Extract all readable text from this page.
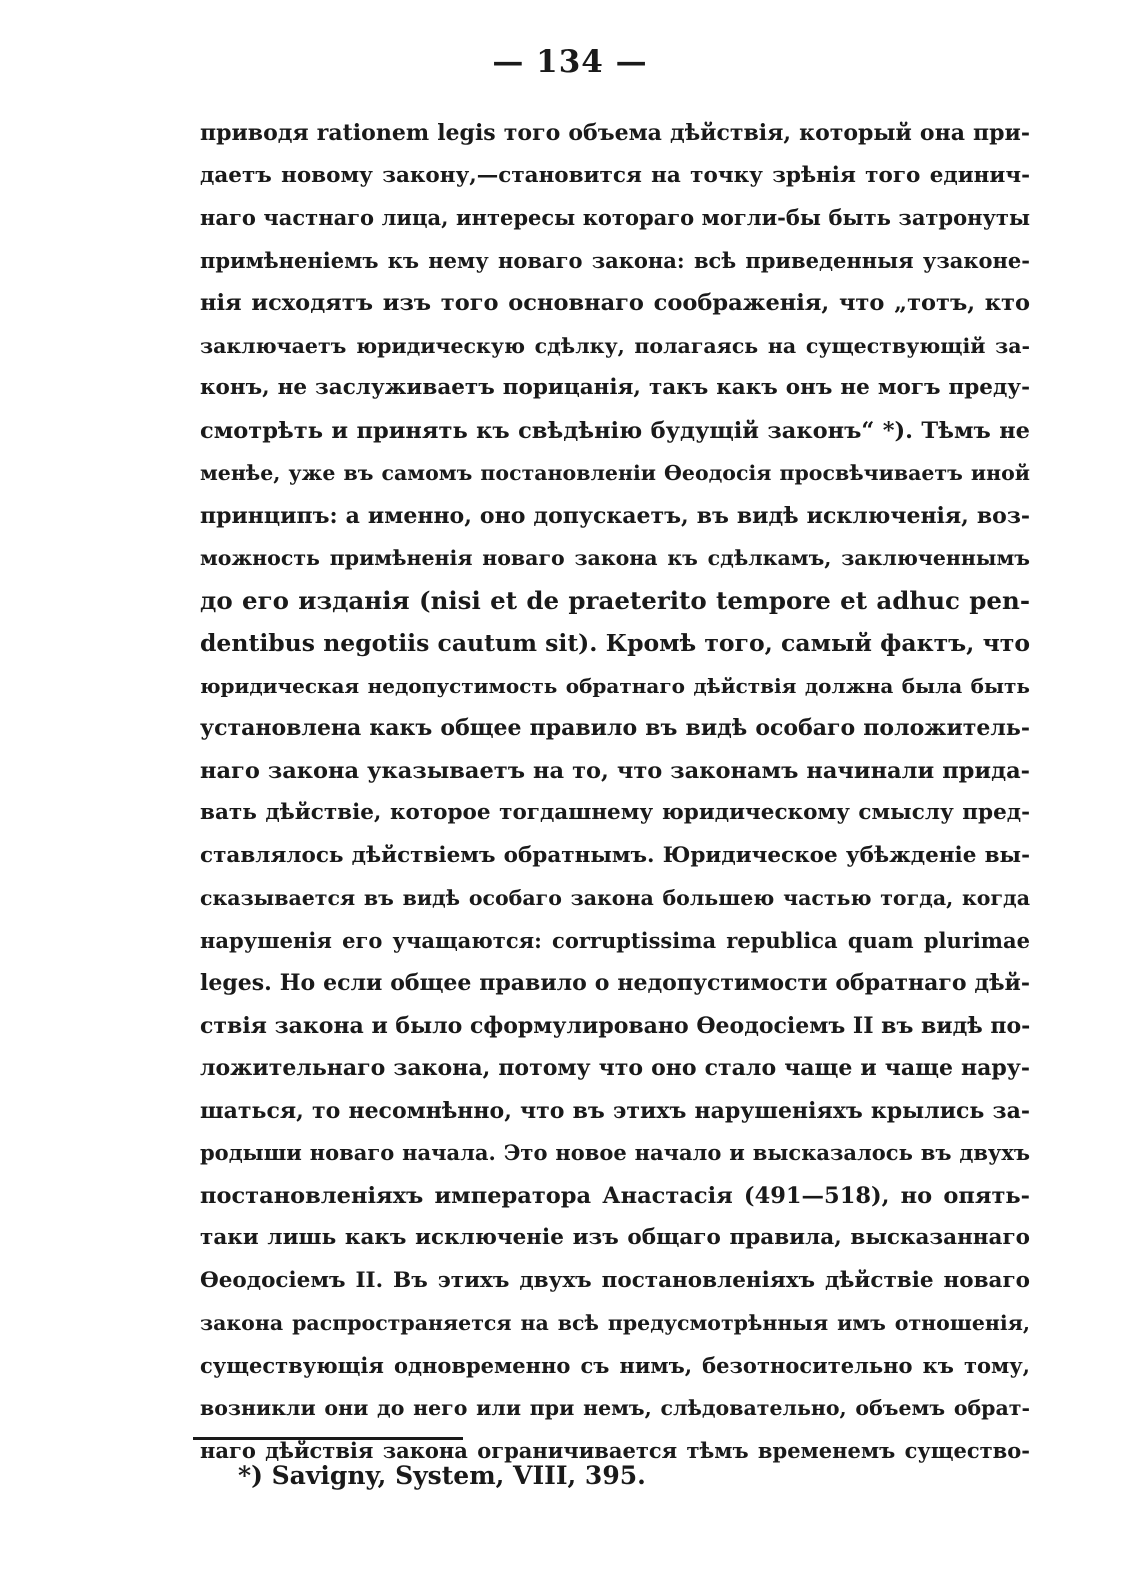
— 134 —
приводя rationem legis того объема дѣйствія, который она при-
даетъ новому закону,—становится на точку зрѣнія того единич-
наго частнаго лица, интересы котораго могли-бы быть затронуты
примѣненіемъ къ нему новаго закона: всѣ приведенныя узаконе-
нія исходятъ изъ того основнаго соображенія, что „тотъ, кто
заключаетъ юридическую сдѣлку, полагаясь на существующій за-
конъ, не заслуживаетъ порицанія, такъ какъ онъ не могъ преду-
смотрѣть и принять къ свѣдѣнію будущій законъ“ *). Тѣмъ не
менѣе, уже въ самомъ постановленіи Ѳеодосія просвѣчиваетъ иной
принципъ: а именно, оно допускаетъ, въ видѣ исключенія, воз-
можность примѣненія новаго закона къ сдѣлкамъ, заключеннымъ
до его изданія (nisi et de praeterito tempore et adhuc pen-
dentibus negotiis cautum sit). Кромѣ того, самый фактъ, что
юридическая недопустимость обратнаго дѣйствія должна была быть
установлена какъ общее правило въ видѣ особаго положитель-
наго закона указываетъ на то, что законамъ начинали прида-
вать дѣйствіе, которое тогдашнему юридическому смыслу пред-
ставлялось дѣйствіемъ обратнымъ. Юридическое убѣжденіе вы-
сказывается въ видѣ особаго закона большею частью тогда, когда
нарушенія его учащаются: corruptissima republica quam plurimae
leges. Но если общее правило о недопустимости обратнаго дѣй-
ствія закона и было сформулировано Ѳеодосіемъ II въ видѣ по-
ложительнаго закона, потому что оно стало чаще и чаще нару-
шаться, то несомнѣнно, что въ этихъ нарушеніяхъ крылись за-
родыши новаго начала. Это новое начало и высказалось въ двухъ
постановленіяхъ императора Анастасія (491—518), но опять-
таки лишь какъ исключеніе изъ общаго правила, высказаннаго
Ѳеодосіемъ II. Въ этихъ двухъ постановленіяхъ дѣйствіе новаго
закона распространяется на всѣ предусмотрѣнныя имъ отношенія,
существующія одновременно съ нимъ, безотносительно къ тому,
возникли они до него или при немъ, слѣдовательно, объемъ обрат-
наго дѣйствія закона ограничивается тѣмъ временемъ существо-
*) Savigny, System, VIII, 395.
